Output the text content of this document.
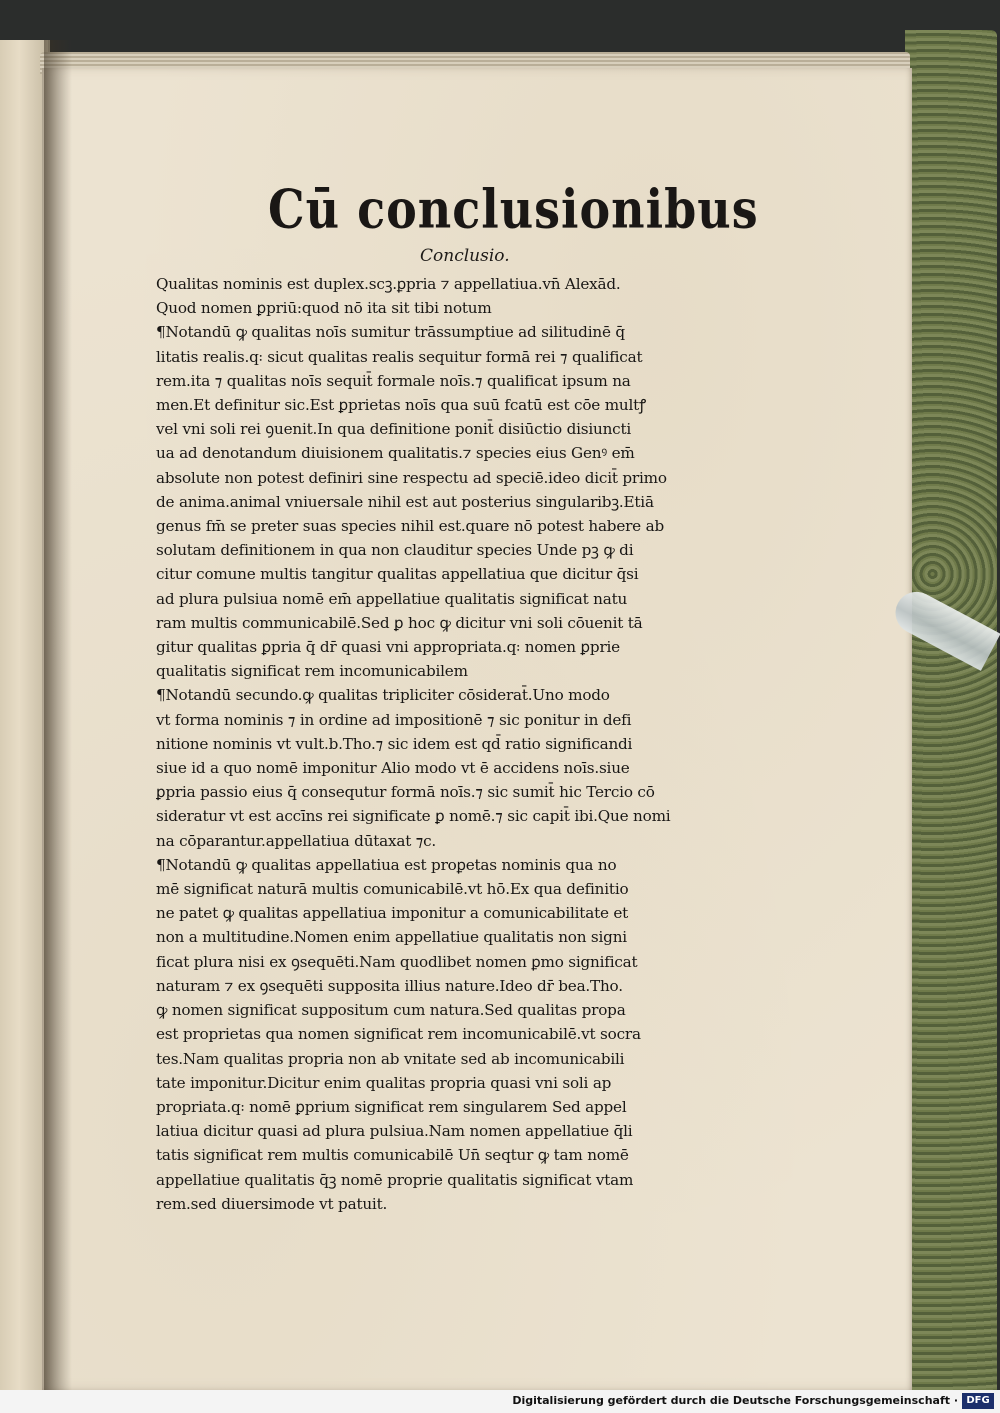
Cū conclusionibus
Conclusio.
Qualitas nominis est duplex.scꝫ.ꝑpria ⁊ appellatiua.vn̄ Alexād.
Quod nomen ꝑpriū:quod nō ita sit tibi notum
¶Notandū ꝙ qualitas noīs sumitur trāssumptiue ad silitudinē q̄
litatis realis.q꞉ sicut qualitas realis sequitur formā rei ⁊ qualificat
rem.ita ⁊ qualitas noīs sequit̄ formale noīs.⁊ qualificat ipsum na
men.Et definitur sic.Est ꝑprietas noīs qua suū fcatū est cōe multꝭ
vel vni soli rei ꝯuenit.In qua definitione ponit̄ disiūctio disiuncti
ua ad denotandum diuisionem qualitatis.⁊ species eius Genꝰ em̄
absolute non potest definiri sine respectu ad speciē.ideo dicit̄ primo
de anima.animal vniuersale nihil est aut posterius singularibꝫ.Etiā
genus fm̄ se preter suas species nihil est.quare nō potest habere ab
solutam definitionem in qua non clauditur species Unde pꝫ ꝙ di
citur comune multis tangitur qualitas appellatiua que dicitur q̄si
ad plura pulsiua nomē em̄ appellatiue qualitatis significat natu
ram multis communicabilē.Sed ꝑ hoc ꝙ dicitur vni soli cōuenit tā
gitur qualitas ꝑpria q̄ dr̄ quasi vni appropriata.q꞉ nomen ꝑprie
qualitatis significat rem incomunicabilem
¶Notandū secundo.ꝙ qualitas tripliciter cōsiderat̄.Uno modo
vt forma nominis ⁊ in ordine ad impositionē ⁊ sic ponitur in defi
nitione nominis vt vult.b.Tho.⁊ sic idem est qd̄ ratio significandi
siue id a quo nomē imponitur Alio modo vt ē accidens noīs.siue
ꝑpria passio eius q̄ consequtur formā noīs.⁊ sic sumit̄ hic Tercio cō
sideratur vt est accīns rei significate ꝑ nomē.⁊ sic capit̄ ibi.Que nomi
na cōparantur.appellatiua dūtaxat ⁊c.
¶Notandū ꝙ qualitas appellatiua est proꝑetas nominis qua no
mē significat naturā multis comunicabilē.vt hō.Ex qua definitio
ne patet ꝙ qualitas appellatiua imponitur a comunicabilitate et
non a multitudine.Nomen enim appellatiue qualitatis non signi
ficat plura nisi ex ꝯsequēti.Nam quodlibet nomen ꝑmo significat
naturam ⁊ ex ꝯsequēti supposita illius nature.Ideo dr̄ bea.Tho.
ꝙ nomen significat suppositum cum natura.Sed qualitas propa
est proprietas qua nomen significat rem incomunicabilē.vt socra
tes.Nam qualitas propria non ab vnitate sed ab incomunicabili
tate imponitur.Dicitur enim qualitas propria quasi vni soli ap
propriata.q꞉ nomē ꝑprium significat rem singularem Sed appel
latiua dicitur quasi ad plura pulsiua.Nam nomen appellatiue q̄li
tatis significat rem multis comunicabilē Un̄ seqtur ꝙ tam nomē
appellatiue qualitatis q̄ꝫ nomē proprie qualitatis significat vtam
rem.sed diuersimode vt patuit.
Digitalisierung gefördert durch die Deutsche Forschungsgemeinschaft · DFG
